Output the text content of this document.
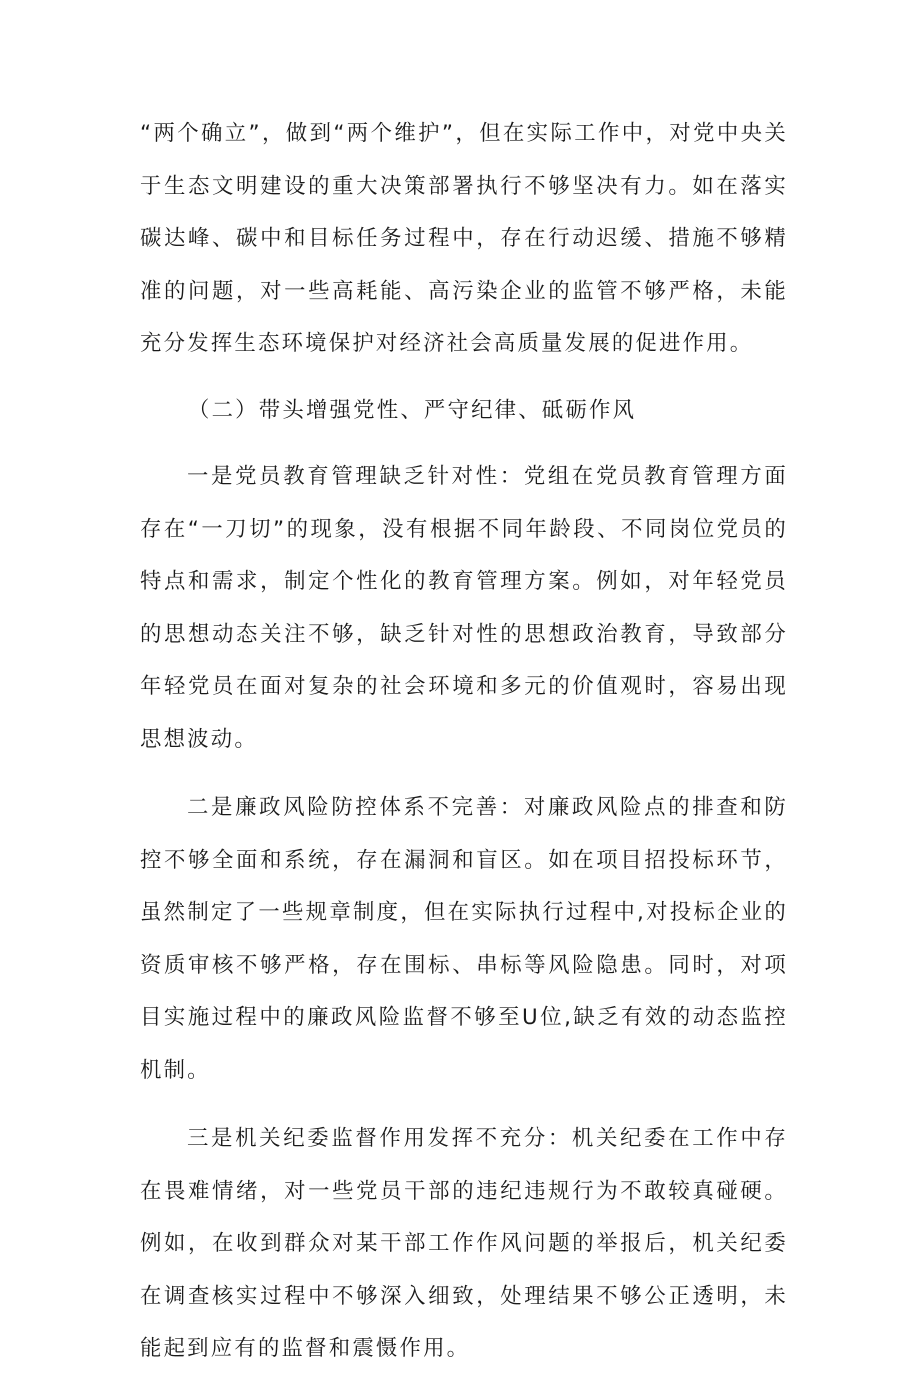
“两个确立”，做到“两个维护”，但在实际工作中，对党中央关于生态文明建设的重大决策部署执行不够坚决有力。如在落实碳达峰、碳中和目标任务过程中，存在行动迟缓、措施不够精准的问题，对一些高耗能、高污染企业的监管不够严格，未能充分发挥生态环境保护对经济社会高质量发展的促进作用。

（二）带头增强党性、严守纪律、砥砺作风

一是党员教育管理缺乏针对性：党组在党员教育管理方面存在“一刀切”的现象，没有根据不同年龄段、不同岗位党员的特点和需求，制定个性化的教育管理方案。例如，对年轻党员的思想动态关注不够，缺乏针对性的思想政治教育，导致部分年轻党员在面对复杂的社会环境和多元的价值观时，容易出现思想波动。

二是廉政风险防控体系不完善：对廉政风险点的排查和防控不够全面和系统，存在漏洞和盲区。如在项目招投标环节，虽然制定了一些规章制度，但在实际执行过程中,对投标企业的资质审核不够严格，存在围标、串标等风险隐患。同时，对项目实施过程中的廉政风险监督不够至U位,缺乏有效的动态监控机制。

三是机关纪委监督作用发挥不充分：机关纪委在工作中存在畏难情绪，对一些党员干部的违纪违规行为不敢较真碰硬。例如，在收到群众对某干部工作作风问题的举报后，机关纪委在调查核实过程中不够深入细致，处理结果不够公正透明，未能起到应有的监督和震慑作用。
